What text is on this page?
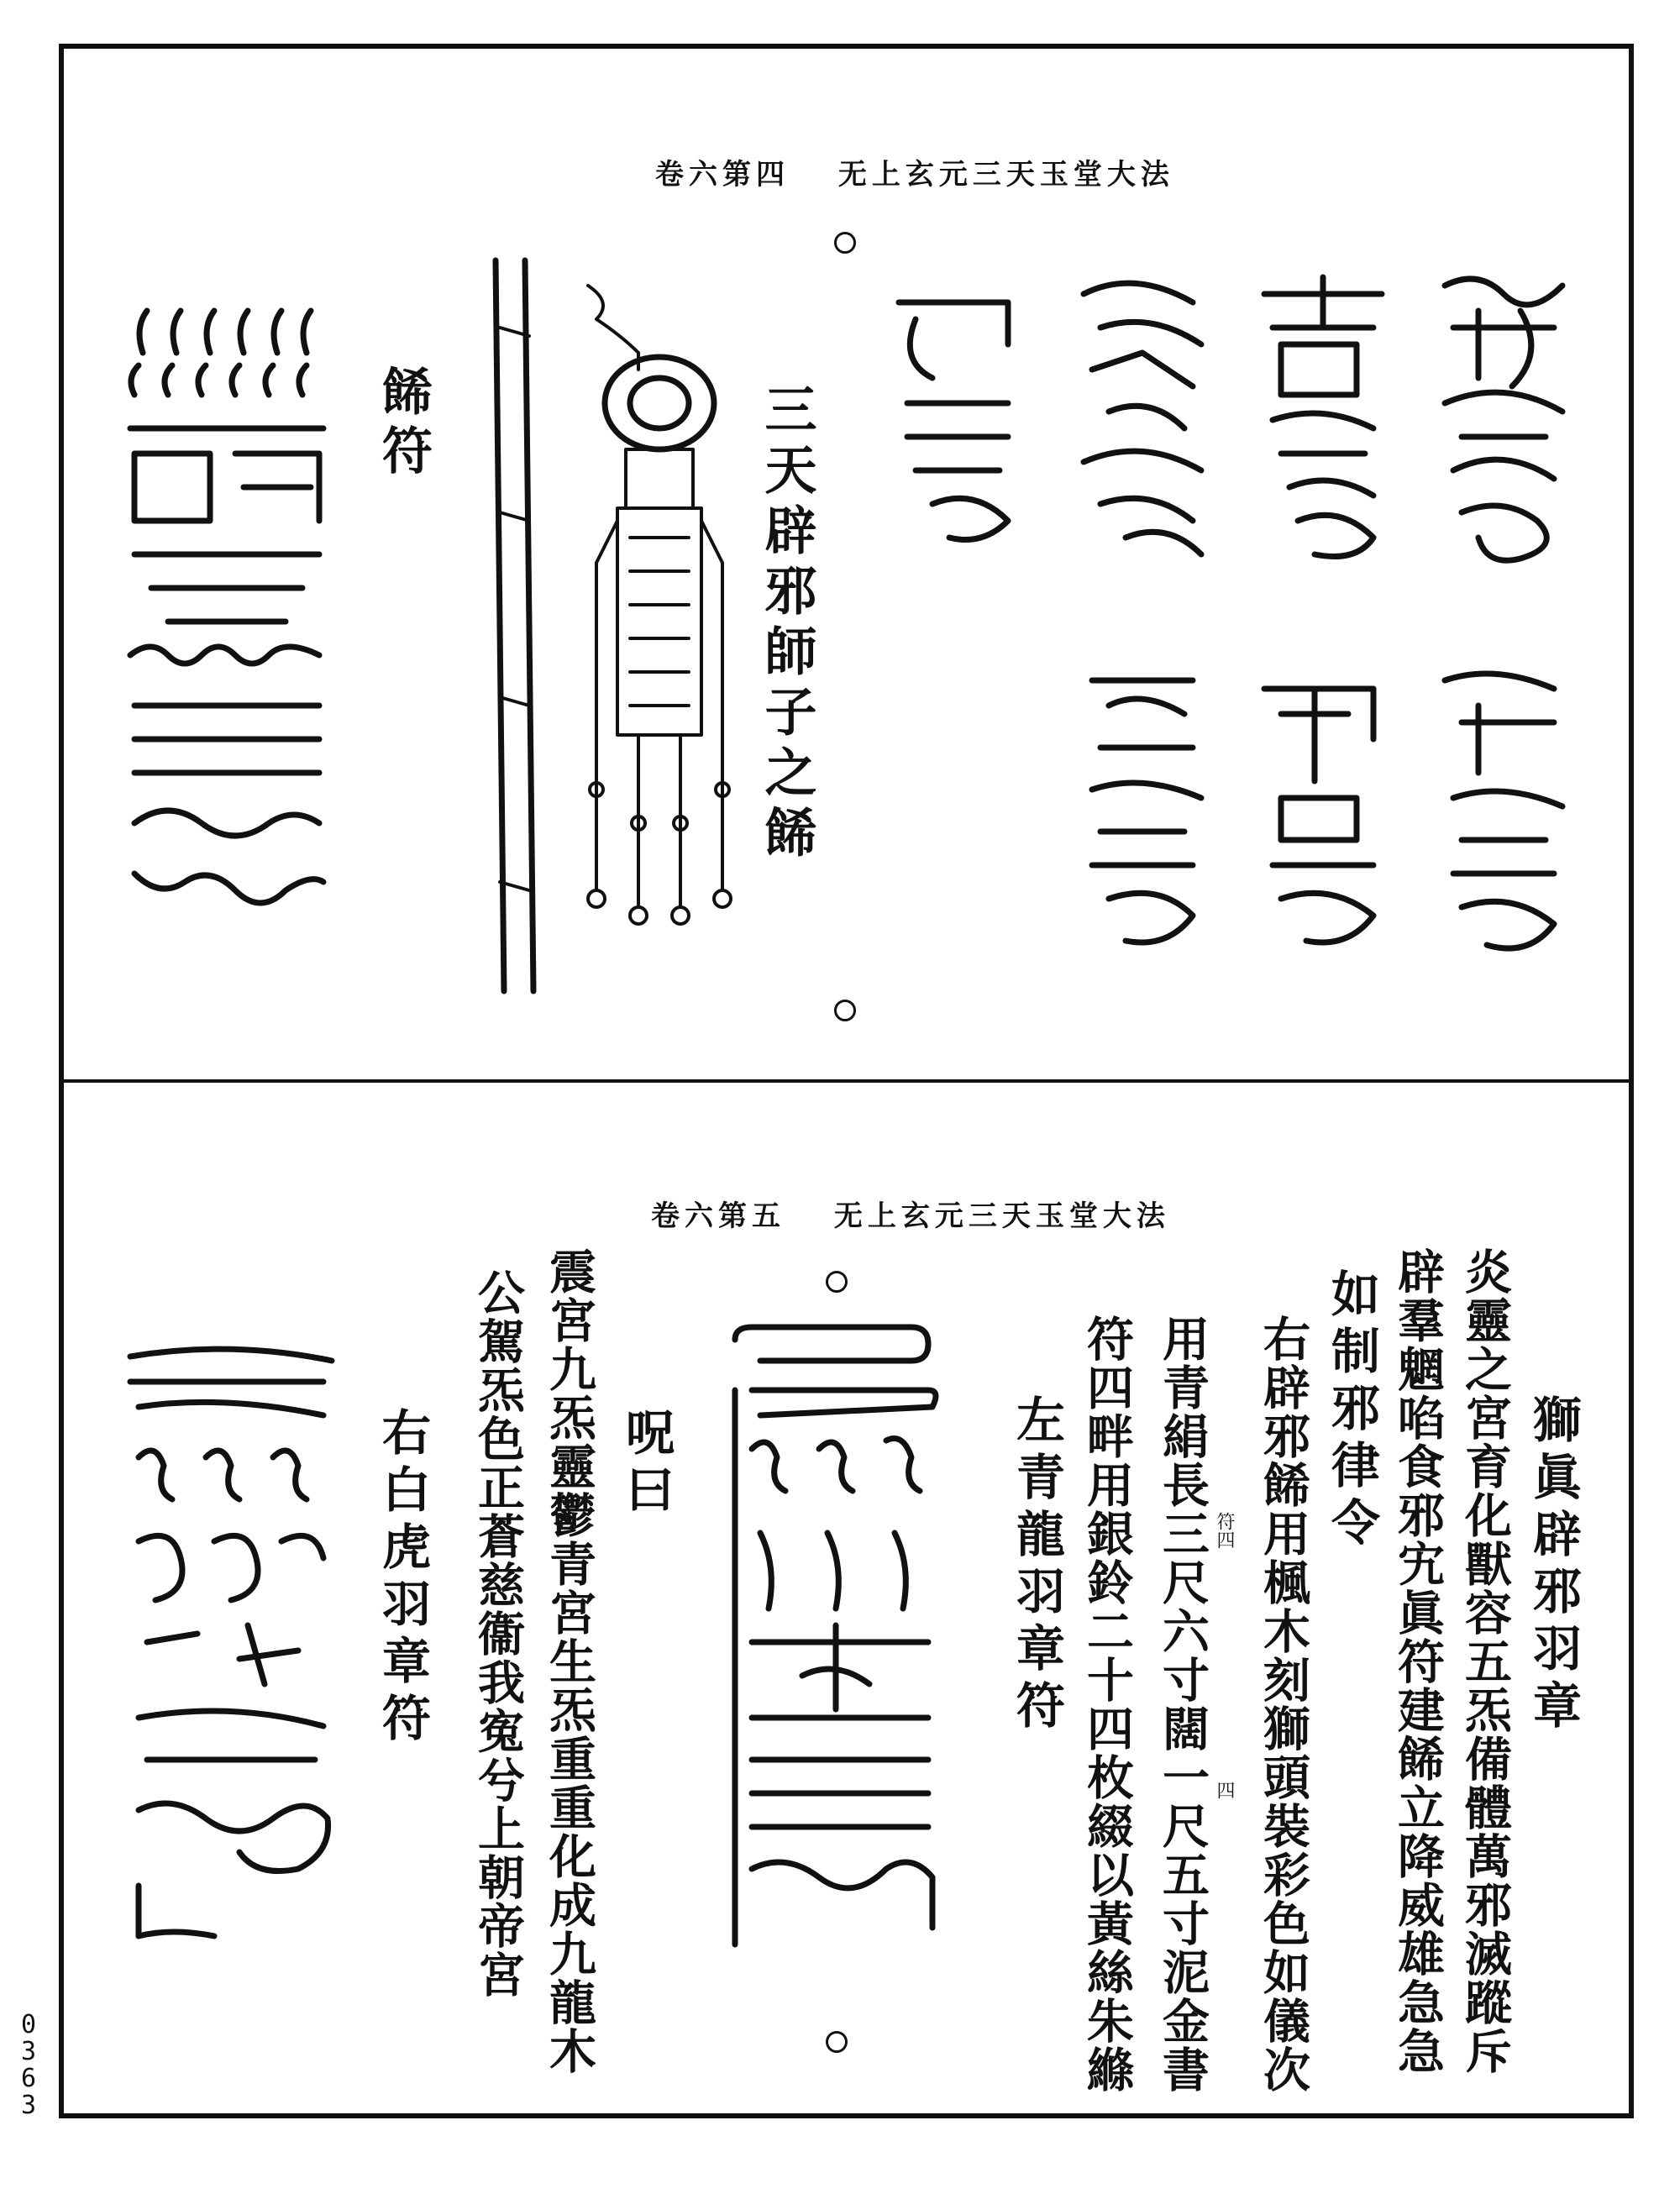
卷六第四 无上玄元三天玉堂大法
三天辟邪師子之餙
餙符
卷六第五 无上玄元三天玉堂大法
獅眞辟邪羽章
炎靈之宮育化獸容五炁備體萬邪滅蹤斥
辟羣魍啗食邪宄眞符建餙立降威雄急急
如制邪律令
右辟邪餙用楓木刻獅頭裝彩色如儀次
用青絹長三尺六寸闊一尺五寸泥金書
符四畔用銀鈴二十四枚綴以黃絲朱縧
左青龍羽章符	符四
四
呪曰
震宮九炁靈鬱青宮生炁重重化成九龍木
公駕炁色正蒼慈衞我寃兮上朝帝宮
右白虎羽章符
0363
